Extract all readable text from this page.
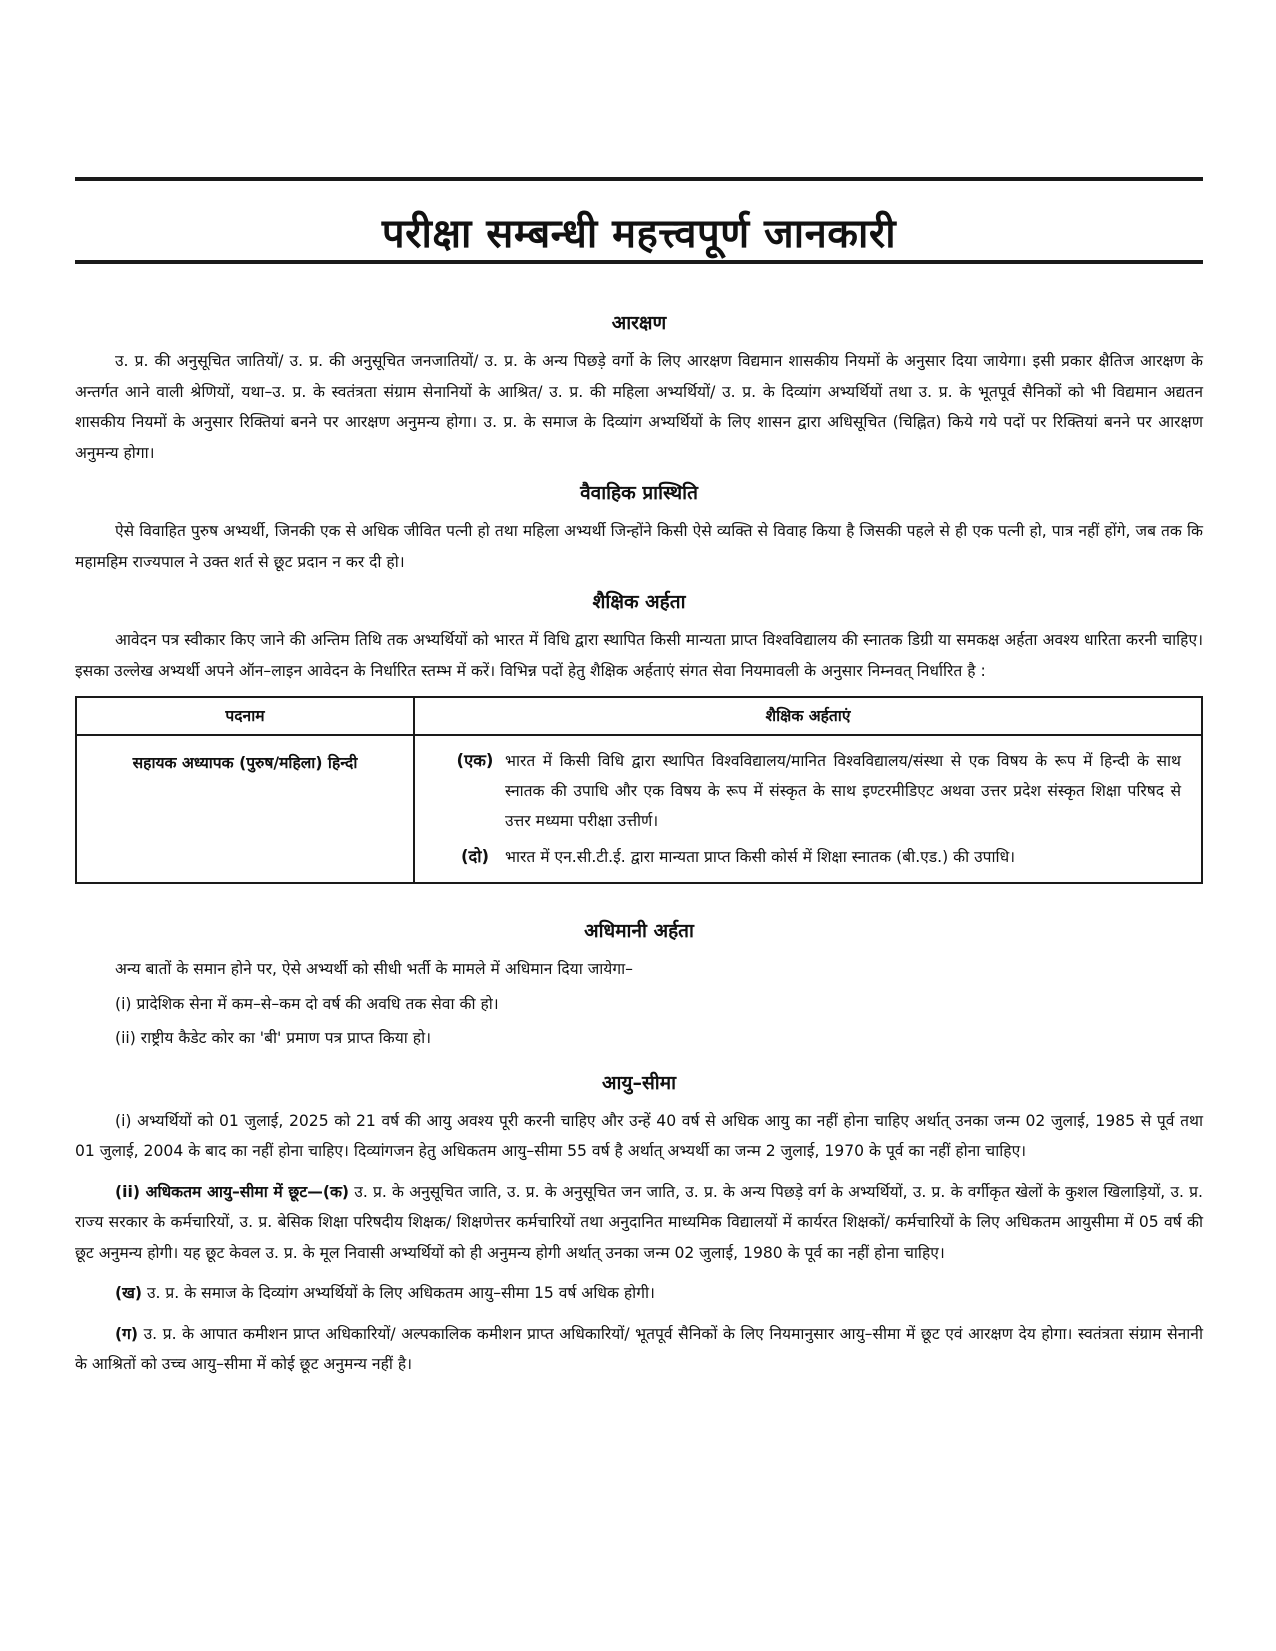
परीक्षा सम्बन्धी महत्त्वपूर्ण जानकारी
आरक्षण

उ. प्र. की अनुसूचित जातियों/ उ. प्र. की अनुसूचित जनजातियों/ उ. प्र. के अन्य पिछड़े वर्गो के लिए आरक्षण विद्यमान शासकीय नियमों के अनुसार दिया जायेगा। इसी प्रकार क्षैतिज आरक्षण के अन्तर्गत आने वाली श्रेणियों, यथा–उ. प्र. के स्वतंत्रता संग्राम सेनानियों के आश्रित/ उ. प्र. की महिला अभ्यर्थियों/ उ. प्र. के दिव्यांग अभ्यर्थियों तथा उ. प्र. के भूतपूर्व सैनिकों को भी विद्यमान अद्यतन शासकीय नियमों के अनुसार रिक्तियां बनने पर आरक्षण अनुमन्य होगा। उ. प्र. के समाज के दिव्यांग अभ्यर्थियों के लिए शासन द्वारा अधिसूचित (चिह्नित) किये गये पदों पर रिक्तियां बनने पर आरक्षण अनुमन्य होगा।

वैवाहिक प्रास्थिति

ऐसे विवाहित पुरुष अभ्यर्थी, जिनकी एक से अधिक जीवित पत्नी हो तथा महिला अभ्यर्थी जिन्होंने किसी ऐसे व्यक्ति से विवाह किया है जिसकी पहले से ही एक पत्नी हो, पात्र नहीं होंगे, जब तक कि महामहिम राज्यपाल ने उक्त शर्त से छूट प्रदान न कर दी हो।

शैक्षिक अर्हता

आवेदन पत्र स्वीकार किए जाने की अन्तिम तिथि तक अभ्यर्थियों को भारत में विधि द्वारा स्थापित किसी मान्यता प्राप्त विश्वविद्यालय की स्नातक डिग्री या समकक्ष अर्हता अवश्य धारिता करनी चाहिए। इसका उल्लेख अभ्यर्थी अपने ऑन–लाइन आवेदन के निर्धारित स्तम्भ में करें। विभिन्न पदों हेतु शैक्षिक अर्हताएं संगत सेवा नियमावली के अनुसार निम्नवत् निर्धारित है :

पदनाम	शैक्षिक अर्हताएं
सहायक अध्यापक (पुरुष/महिला) हिन्दी	(एक) भारत में किसी विधि द्वारा स्थापित विश्वविद्यालय/मानित विश्वविद्यालय/संस्था से एक विषय के रूप में हिन्दी के साथ स्नातक की उपाधि और एक विषय के रूप में संस्कृत के साथ इण्टरमीडिएट अथवा उत्तर प्रदेश संस्कृत शिक्षा परिषद से उत्तर मध्यमा परीक्षा उत्तीर्ण।
(दो) भारत में एन.सी.टी.ई. द्वारा मान्यता प्राप्त किसी कोर्स में शिक्षा स्नातक (बी.एड.) की उपाधि।
अधिमानी अर्हता

अन्य बातों के समान होने पर, ऐसे अभ्यर्थी को सीधी भर्ती के मामले में अधिमान दिया जायेगा–

(i) प्रादेशिक सेना में कम–से–कम दो वर्ष की अवधि तक सेवा की हो।

(ii) राष्ट्रीय कैडेट कोर का 'बी' प्रमाण पत्र प्राप्त किया हो।

आयु–सीमा

(i) अभ्यर्थियों को 01 जुलाई, 2025 को 21 वर्ष की आयु अवश्य पूरी करनी चाहिए और उन्हें 40 वर्ष से अधिक आयु का नहीं होना चाहिए अर्थात् उनका जन्म 02 जुलाई, 1985 से पूर्व तथा 01 जुलाई, 2004 के बाद का नहीं होना चाहिए। दिव्यांगजन हेतु अधिकतम आयु–सीमा 55 वर्ष है अर्थात् अभ्यर्थी का जन्म 2 जुलाई, 1970 के पूर्व का नहीं होना चाहिए।

(ii) अधिकतम आयु–सीमा में छूट—(क) उ. प्र. के अनुसूचित जाति, उ. प्र. के अनुसूचित जन जाति, उ. प्र. के अन्य पिछड़े वर्ग के अभ्यर्थियों, उ. प्र. के वर्गीकृत खेलों के कुशल खिलाड़ियों, उ. प्र. राज्य सरकार के कर्मचारियों, उ. प्र. बेसिक शिक्षा परिषदीय शिक्षक/ शिक्षणेत्तर कर्मचारियों तथा अनुदानित माध्यमिक विद्यालयों में कार्यरत शिक्षकों/ कर्मचारियों के लिए अधिकतम आयुसीमा में 05 वर्ष की छूट अनुमन्य होगी। यह छूट केवल उ. प्र. के मूल निवासी अभ्यर्थियों को ही अनुमन्य होगी अर्थात् उनका जन्म 02 जुलाई, 1980 के पूर्व का नहीं होना चाहिए।

(ख) उ. प्र. के समाज के दिव्यांग अभ्यर्थियों के लिए अधिकतम आयु–सीमा 15 वर्ष अधिक होगी।

(ग) उ. प्र. के आपात कमीशन प्राप्त अधिकारियों/ अल्पकालिक कमीशन प्राप्त अधिकारियों/ भूतपूर्व सैनिकों के लिए नियमानुसार आयु–सीमा में छूट एवं आरक्षण देय होगा। स्वतंत्रता संग्राम सेनानी के आश्रितों को उच्च आयु–सीमा में कोई छूट अनुमन्य नहीं है।
